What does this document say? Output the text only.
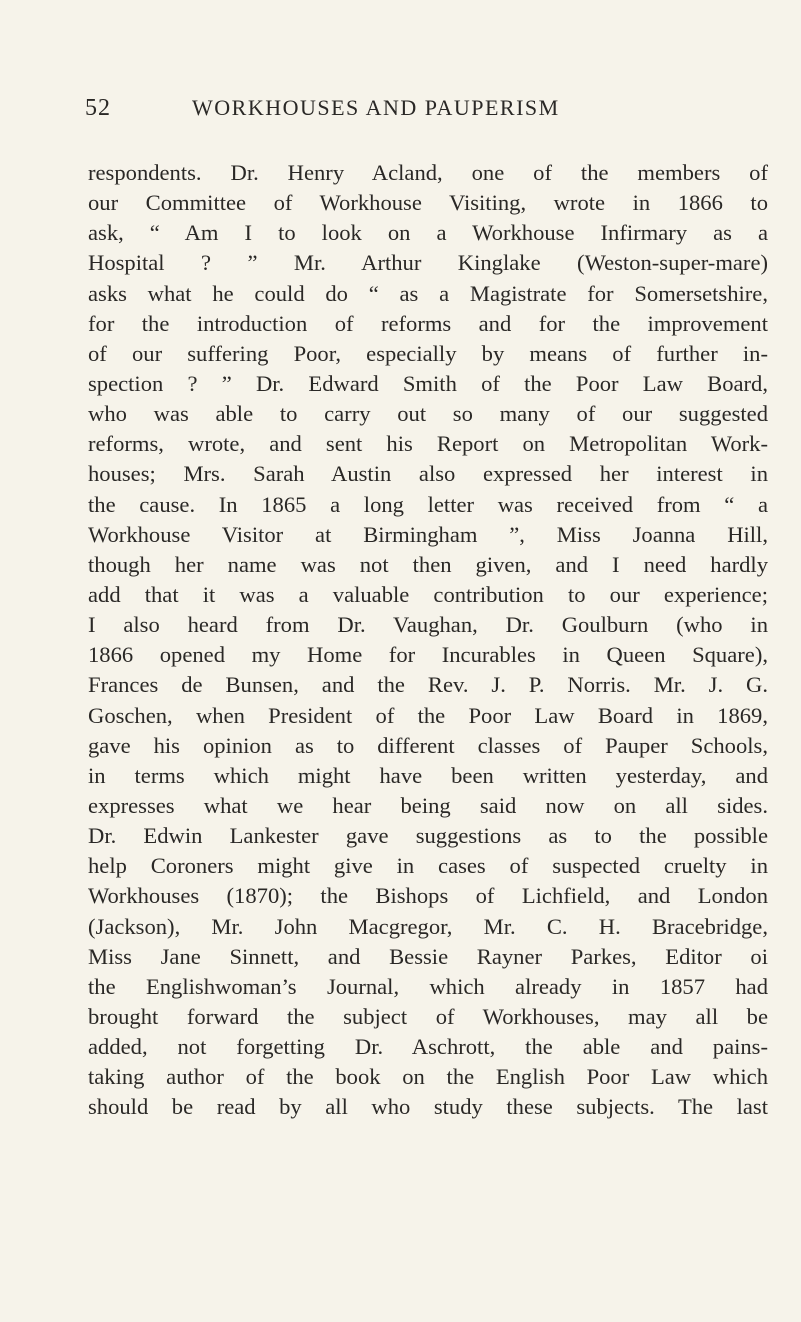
52	WORKHOUSES AND PAUPERISM
respondents. Dr. Henry Acland, one of the members of
our Committee of Workhouse Visiting, wrote in 1866 to
ask, “ Am I to look on a Workhouse Infirmary as a
Hospital ? ” Mr. Arthur Kinglake (Weston-super-mare)
asks what he could do “ as a Magistrate for Somersetshire,
for the introduction of reforms and for the improvement
of our suffering Poor, especially by means of further in-
spection ? ” Dr. Edward Smith of the Poor Law Board,
who was able to carry out so many of our suggested
reforms, wrote, and sent his Report on Metropolitan Work-
houses; Mrs. Sarah Austin also expressed her interest in
the cause. In 1865 a long letter was received from “ a
Workhouse Visitor at Birmingham ”, Miss Joanna Hill,
though her name was not then given, and I need hardly
add that it was a valuable contribution to our experience;
I also heard from Dr. Vaughan, Dr. Goulburn (who in
1866 opened my Home for Incurables in Queen Square),
Frances de Bunsen, and the Rev. J. P. Norris. Mr. J. G.
Goschen, when President of the Poor Law Board in 1869,
gave his opinion as to different classes of Pauper Schools,
in terms which might have been written yesterday, and
expresses what we hear being said now on all sides.
Dr. Edwin Lankester gave suggestions as to the possible
help Coroners might give in cases of suspected cruelty in
Workhouses (1870); the Bishops of Lichfield, and London
(Jackson), Mr. John Macgregor, Mr. C. H. Bracebridge,
Miss Jane Sinnett, and Bessie Rayner Parkes, Editor oi
the Englishwoman’s Journal, which already in 1857 had
brought forward the subject of Workhouses, may all be
added, not forgetting Dr. Aschrott, the able and pains-
taking author of the book on the English Poor Law which
should be read by all who study these subjects. The last
